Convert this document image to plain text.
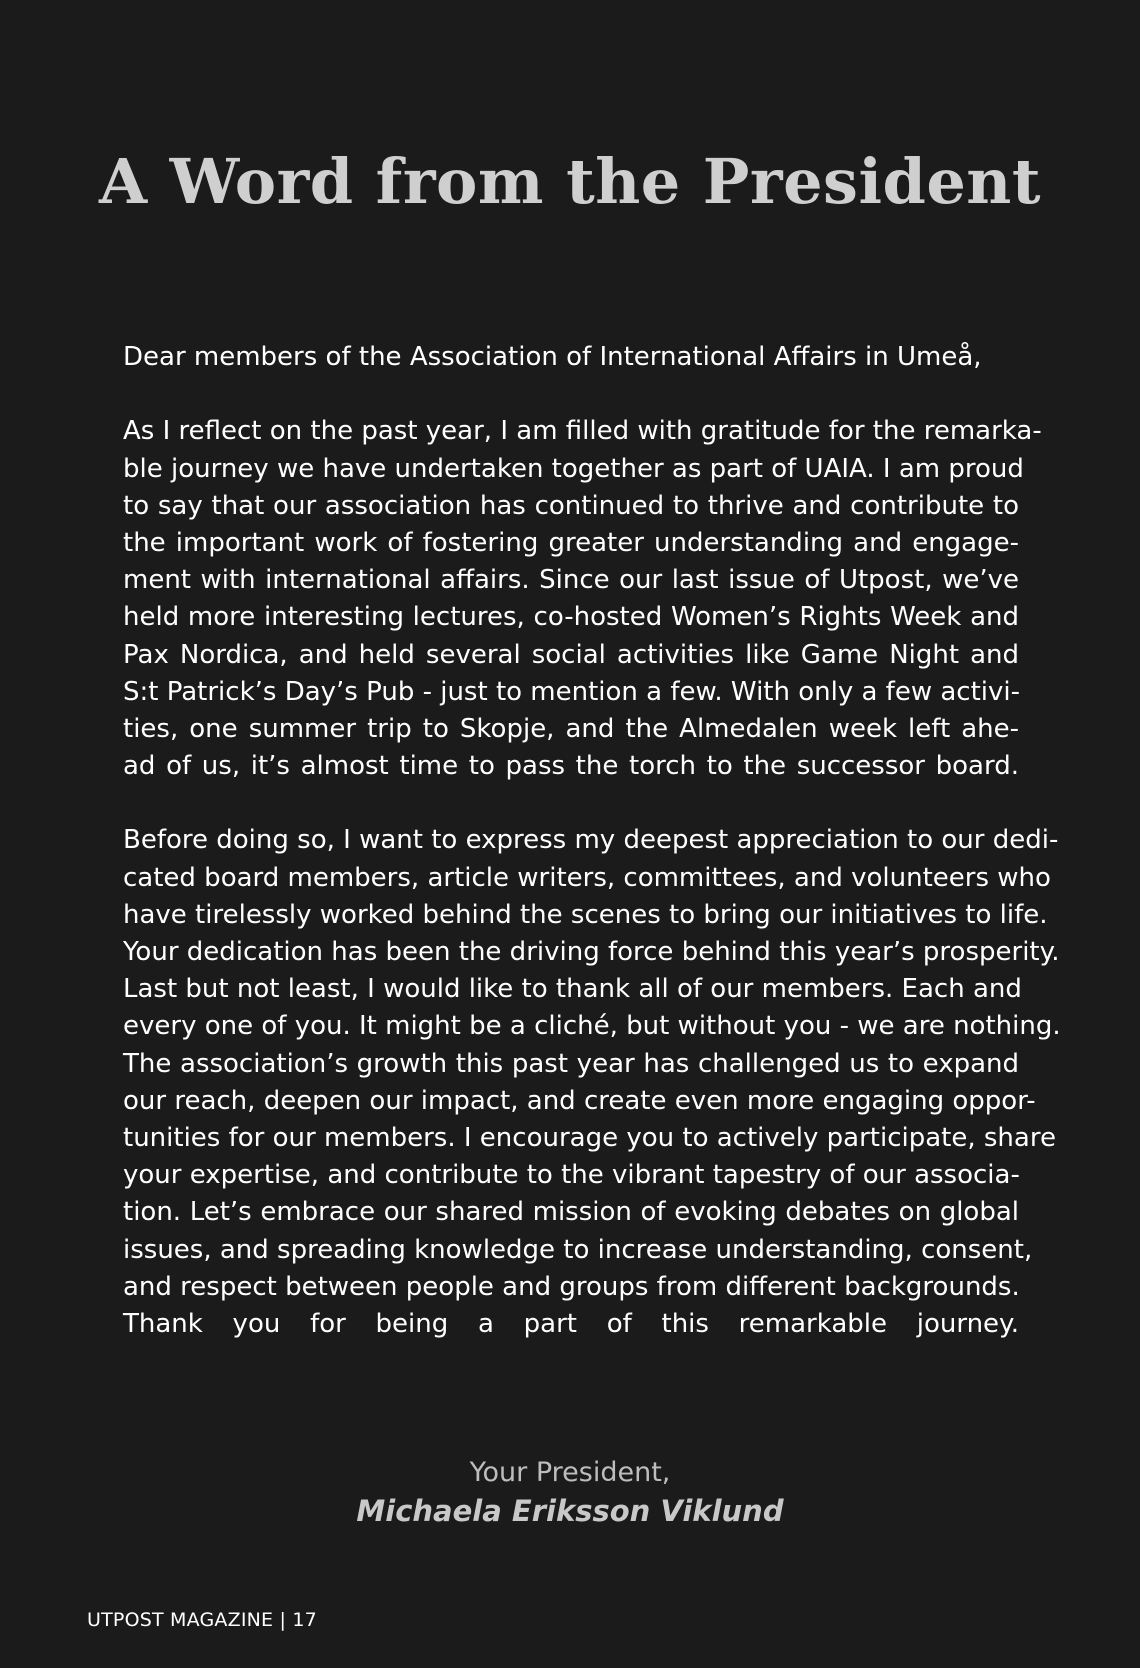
A Word from the President
Dear members of the Association of International Affairs in Umeå,
As I reflect on the past year, I am filled with gratitude for the remarka-
ble journey we have undertaken together as part of UAIA. I am proud
to say that our association has continued to thrive and contribute to
the important work of fostering greater understanding and engage-
ment with international affairs. Since our last issue of Utpost, we’ve
held more interesting lectures, co-hosted Women’s Rights Week and
Pax Nordica, and held several social activities like Game Night and
S:t Patrick’s Day’s Pub - just to mention a few. With only a few activi-
ties, one summer trip to Skopje, and the Almedalen week left ahe-
ad of us, it’s almost time to pass the torch to the successor board.
Before doing so, I want to express my deepest appreciation to our dedi-
cated board members, article writers, committees, and volunteers who
have tirelessly worked behind the scenes to bring our initiatives to life.
Your dedication has been the driving force behind this year’s prosperity.
Last but not least, I would like to thank all of our members. Each and
every one of you. It might be a cliché, but without you - we are nothing.
The association’s growth this past year has challenged us to expand
our reach, deepen our impact, and create even more engaging oppor-
tunities for our members. I encourage you to actively participate, share
your expertise, and contribute to the vibrant tapestry of our associa-
tion. Let’s embrace our shared mission of evoking debates on global
issues, and spreading knowledge to increase understanding, consent,
and respect between people and groups from different backgrounds.
Thank you for being a part of this remarkable journey.
Your President,
Michaela Eriksson Viklund
UTPOST MAGAZINE | 17
